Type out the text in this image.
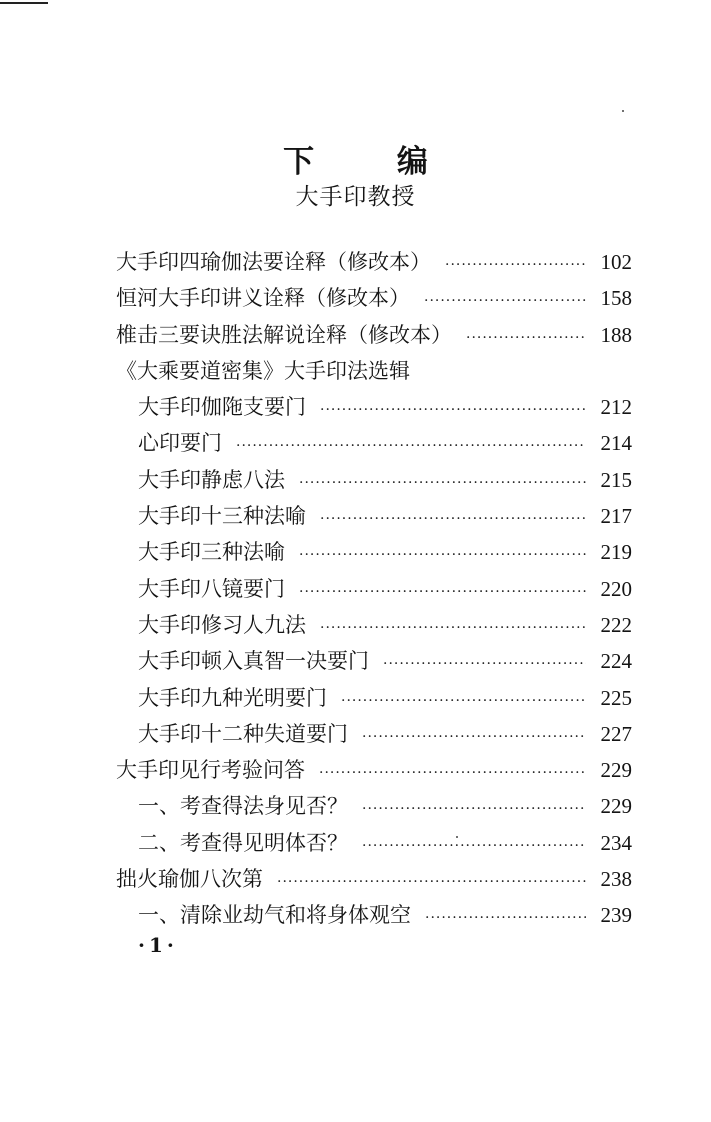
下 编
大手印教授
大手印四瑜伽法要诠释（修改本） ·····	102
恒河大手印讲义诠释（修改本） ·····	158
椎击三要诀胜法解说诠释（修改本） ·····	188
《大乘要道密集》大手印法选辑
大手印伽陁支要门 ·····	212
心印要门 ·····	214
大手印静虑八法 ·····	215
大手印十三种法喻 ·····	217
大手印三种法喻 ·····	219
大手印八镜要门 ·····	220
大手印修习人九法 ·····	222
大手印顿入真智一决要门 ·····	224
大手印九种光明要门 ·····	225
大手印十二种失道要门 ·····	227
大手印见行考验问答 ·····	229
一、考查得法身见否？ ·····	229
二、考查得见明体否？ ·····	234
拙火瑜伽八次第 ·····	238
一、清除业劫气和将身体观空 ·····	239
·1·
